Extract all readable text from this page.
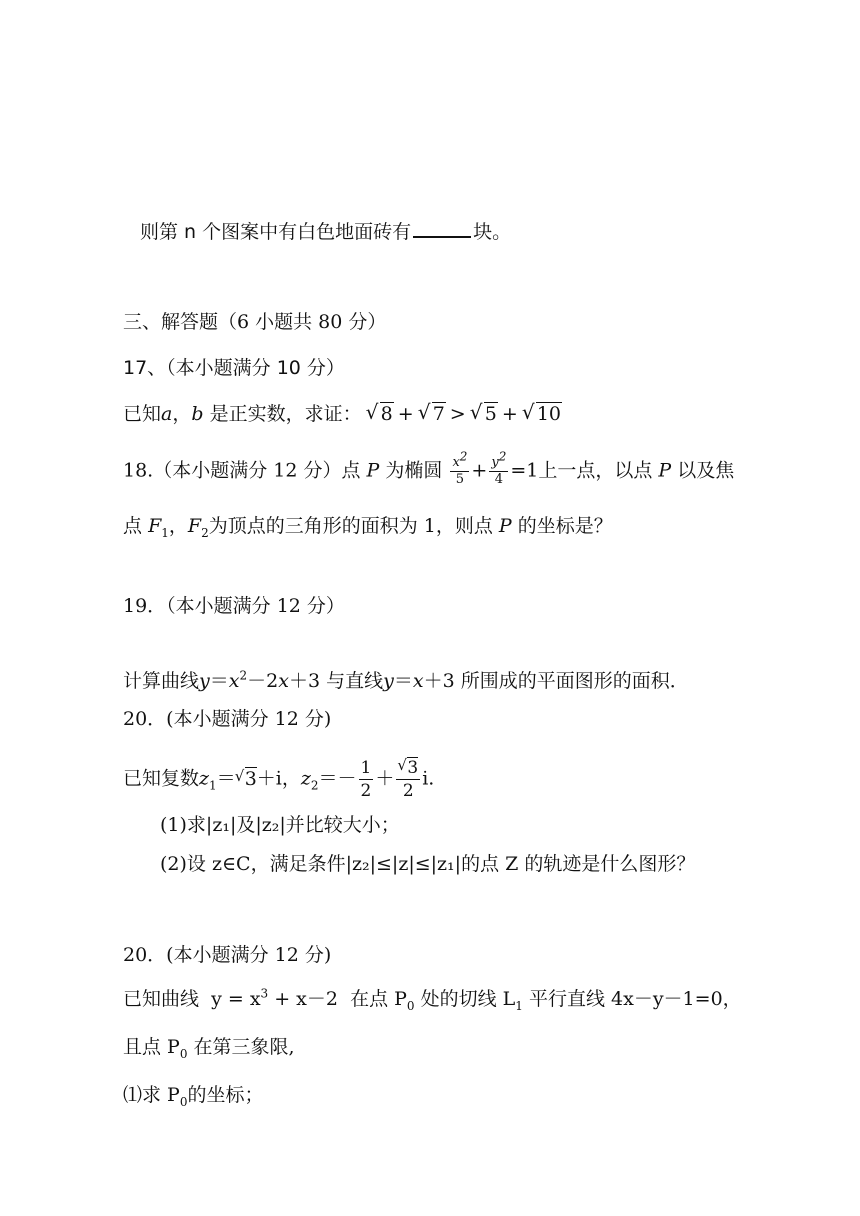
则第 n 个图案中有白色地面砖有	块。
三、解答题（6 小题共 80 分）
17、（本小题满分 10 分）
已知a，b 是正实数，求证： √ 8 + √ 7 > √ 5 + √ 10
18.（本小题满分 12 分）点 P 为椭圆 $\frac{x^2}{5} + \frac{y^2}{4} =1$上一点，以点 P 以及焦
点 $F_1$，$F_2$为顶点的三角形的面积为 1，则点 P 的坐标是？
19．（本小题满分 12 分）
计算曲线$y=x^2-2x+3$ 与直线y＝x＋3 所围成的平面图形的面积．
20．(本小题满分 12 分)
已知复数$z_1=√$ 3＋i，$z_2=- \frac{1}{2}$ ＋
√ $\frac{3}{2} i$.
(1)求|z₁|及|z₂|并比较大小；
(2)设 z∈C，满足条件|z₂|≤|z|≤|z₁|的点 Z 的轨迹是什么图形？
20．(本小题满分 12 分)
已知曲线  $y = x^3 + x-2$  在点 $P_0$ 处的切线 $L_1$ 平行直线 4x－y－1=0，
且点 $P_0$ 在第三象限,
⑴求 $P_0$的坐标；
